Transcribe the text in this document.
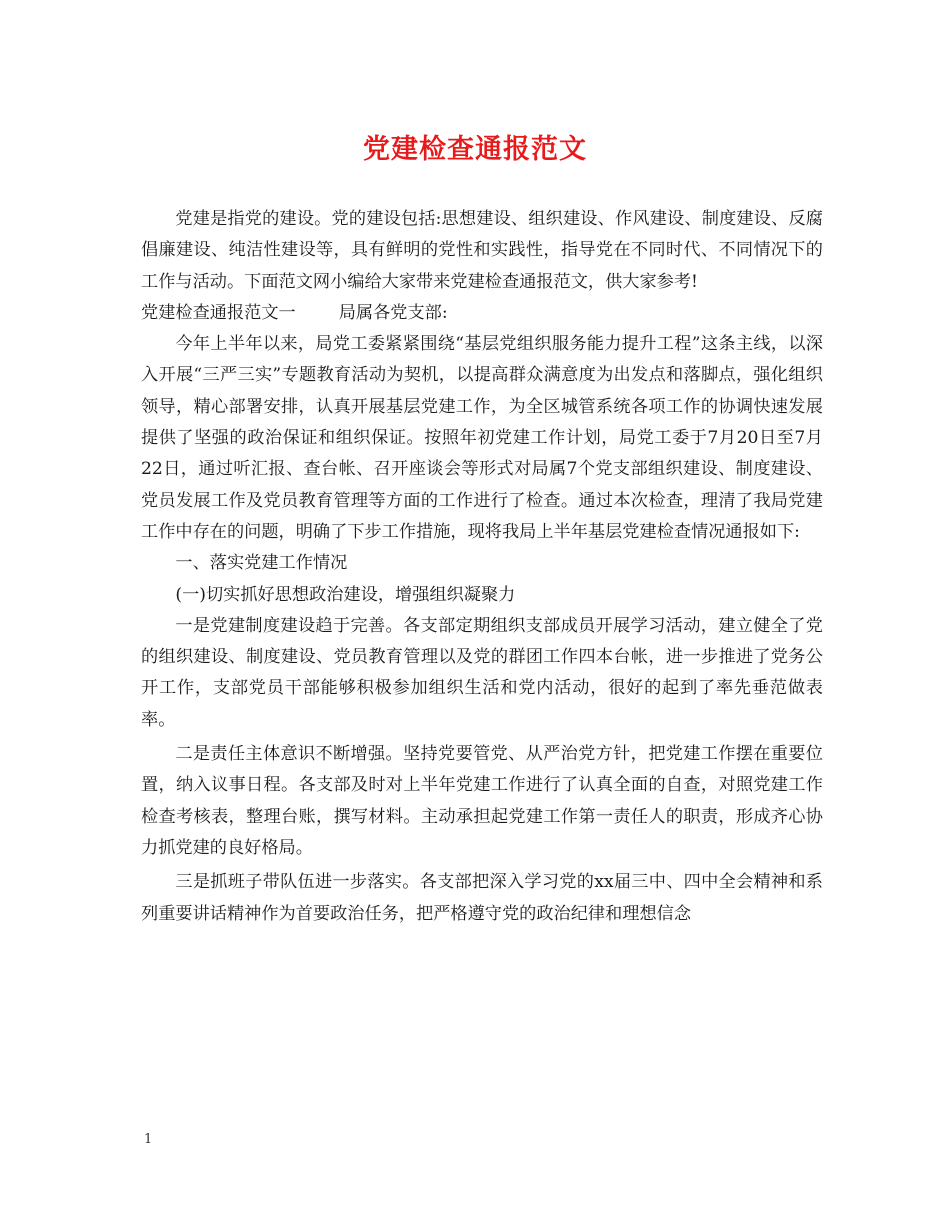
党建检查通报范文

党建是指党的建设。党的建设包括:思想建设、组织建设、作风建设、制度建设、反腐倡廉建设、纯洁性建设等，具有鲜明的党性和实践性，指导党在不同时代、不同情况下的工作与活动。下面范文网小编给大家带来党建检查通报范文，供大家参考!

党建检查通报范文一	局属各党支部:

今年上半年以来，局党工委紧紧围绕“基层党组织服务能力提升工程”这条主线，以深入开展“三严三实”专题教育活动为契机，以提高群众满意度为出发点和落脚点，强化组织领导，精心部署安排，认真开展基层党建工作，为全区城管系统各项工作的协调快速发展提供了坚强的政治保证和组织保证。按照年初党建工作计划，局党工委于7月20日至7月22日，通过听汇报、查台帐、召开座谈会等形式对局属7个党支部组织建设、制度建设、党员发展工作及党员教育管理等方面的工作进行了检查。通过本次检查，理清了我局党建工作中存在的问题，明确了下步工作措施，现将我局上半年基层党建检查情况通报如下:

一、落实党建工作情况

(一)切实抓好思想政治建设，增强组织凝聚力

一是党建制度建设趋于完善。各支部定期组织支部成员开展学习活动，建立健全了党的组织建设、制度建设、党员教育管理以及党的群团工作四本台帐，进一步推进了党务公开工作，支部党员干部能够积极参加组织生活和党内活动，很好的起到了率先垂范做表率。

二是责任主体意识不断增强。坚持党要管党、从严治党方针，把党建工作摆在重要位置，纳入议事日程。各支部及时对上半年党建工作进行了认真全面的自查，对照党建工作检查考核表，整理台账，撰写材料。主动承担起党建工作第一责任人的职责，形成齐心协力抓党建的良好格局。

三是抓班子带队伍进一步落实。各支部把深入学习党的xx届三中、四中全会精神和系列重要讲话精神作为首要政治任务，把严格遵守党的政治纪律和理想信念

1
